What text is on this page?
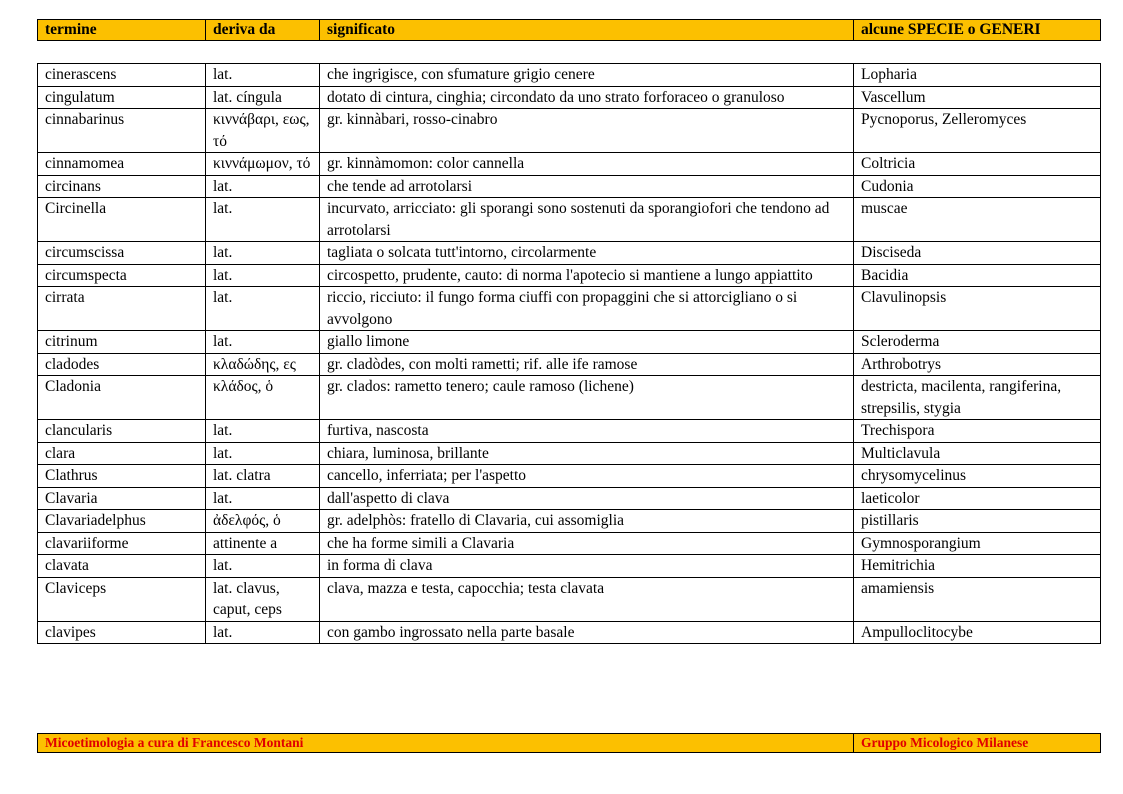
termine	deriva da	significato	alcune SPECIE o GENERI
cinerascens	lat.	che ingrigisce, con sfumature grigio cenere	Lopharia
cingulatum	lat. cíngula	dotato di cintura, cinghia; circondato da uno strato forforaceo o granuloso	Vascellum
cinnabarinus	κιννάβαρι, εως, τό	gr. kinnàbari, rosso-cinabro	Pycnoporus, Zelleromyces
cinnamomea	κιννάμωμον, τό	gr. kinnàmomon: color cannella	Coltricia
circinans	lat.	che tende ad arrotolarsi	Cudonia
Circinella	lat.	incurvato, arricciato: gli sporangi sono sostenuti da sporangiofori che tendono ad arrotolarsi	muscae
circumscissa	lat.	tagliata o solcata tutt'intorno, circolarmente	Disciseda
circumspecta	lat.	circospetto, prudente, cauto: di norma l'apotecio si mantiene a lungo appiattito	Bacidia
cirrata	lat.	riccio, ricciuto: il fungo forma ciuffi con propaggini che si attorcigliano o si avvolgono	Clavulinopsis
citrinum	lat.	giallo limone	Scleroderma
cladodes	κλαδώδης, ες	gr. cladòdes, con molti rametti; rif. alle ife ramose	Arthrobotrys
Cladonia	κλάδος, ὁ	gr. clados: rametto tenero; caule ramoso (lichene)	destricta, macilenta, rangiferina, strepsilis, stygia
clancularis	lat.	furtiva, nascosta	Trechispora
clara	lat.	chiara, luminosa, brillante	Multiclavula
Clathrus	lat. clatra	cancello, inferriata; per l'aspetto	chrysomycelinus
Clavaria	lat.	dall'aspetto di clava	laeticolor
Clavariadelphus	ἀδελφός, ὁ	gr. adelphòs: fratello di Clavaria, cui assomiglia	pistillaris
clavariiforme	attinente a	che ha forme simili a Clavaria	Gymnosporangium
clavata	lat.	in forma di clava	Hemitrichia
Claviceps	lat. clavus, caput, ceps	clava, mazza e testa, capocchia; testa clavata	amamiensis
clavipes	lat.	con gambo ingrossato nella parte basale	Ampulloclitocybe
Micoetimologia a cura di Francesco Montani	Gruppo Micologico Milanese
